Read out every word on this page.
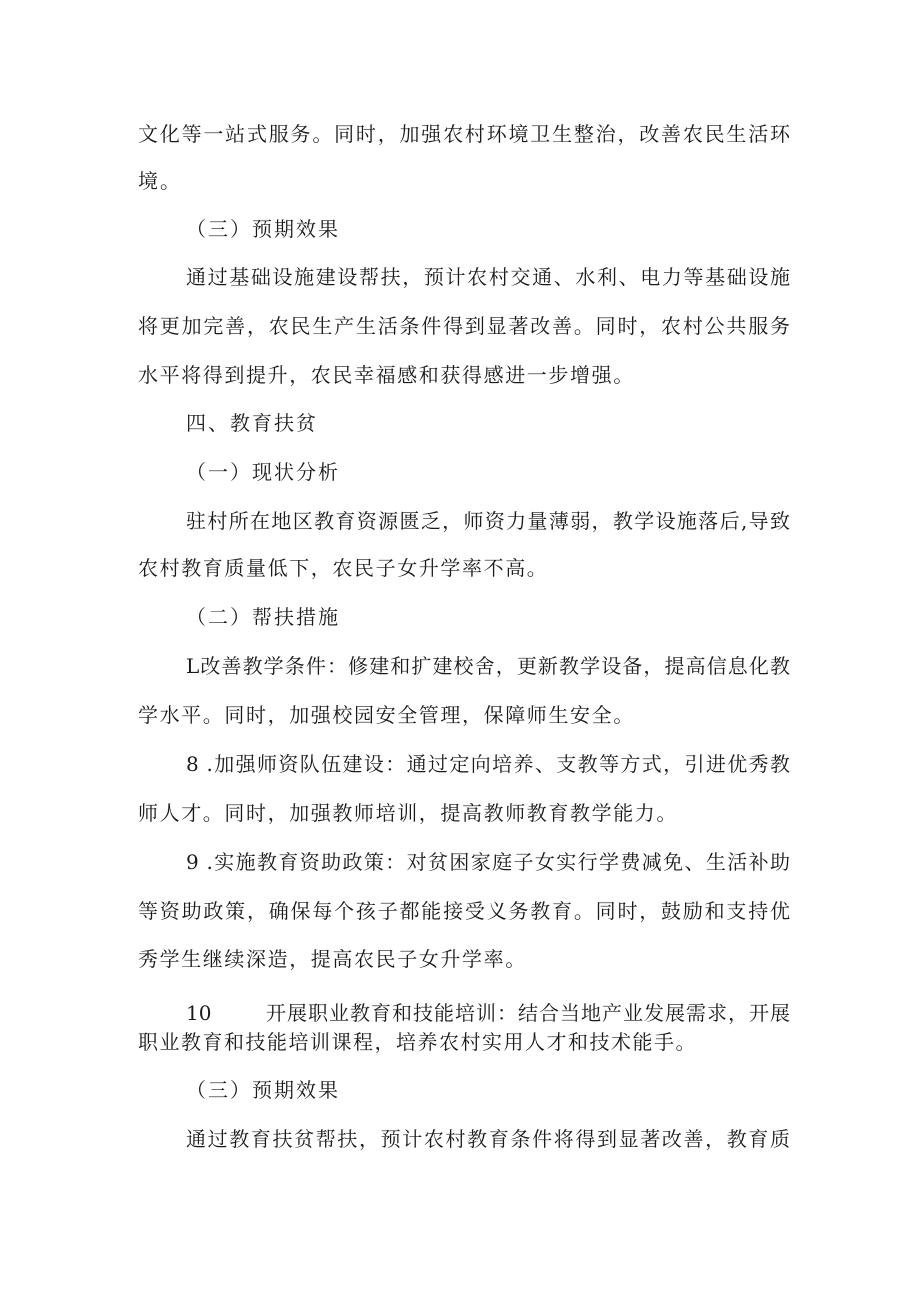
文化等一站式服务。同时，加强农村环境卫生整治，改善农民生活环
境。
（三）预期效果
通过基础设施建设帮扶，预计农村交通、水利、电力等基础设施
将更加完善，农民生产生活条件得到显著改善。同时，农村公共服务
水平将得到提升，农民幸福感和获得感进一步增强。
四、教育扶贫
（一）现状分析
驻村所在地区教育资源匮乏，师资力量薄弱，教学设施落后,导致
农村教育质量低下，农民子女升学率不高。
（二）帮扶措施
L改善教学条件：修建和扩建校舍，更新教学设备，提高信息化教
学水平。同时，加强校园安全管理，保障师生安全。
8 .加强师资队伍建设：通过定向培养、支教等方式，引进优秀教
师人才。同时，加强教师培训，提高教师教育教学能力。
9 .实施教育资助政策：对贫困家庭子女实行学费减免、生活补助
等资助政策，确保每个孩子都能接受义务教育。同时，鼓励和支持优
秀学生继续深造，提高农民子女升学率。
10	开展职业教育和技能培训：结合当地产业发展需求，开展
职业教育和技能培训课程，培养农村实用人才和技术能手。
（三）预期效果
通过教育扶贫帮扶，预计农村教育条件将得到显著改善，教育质
